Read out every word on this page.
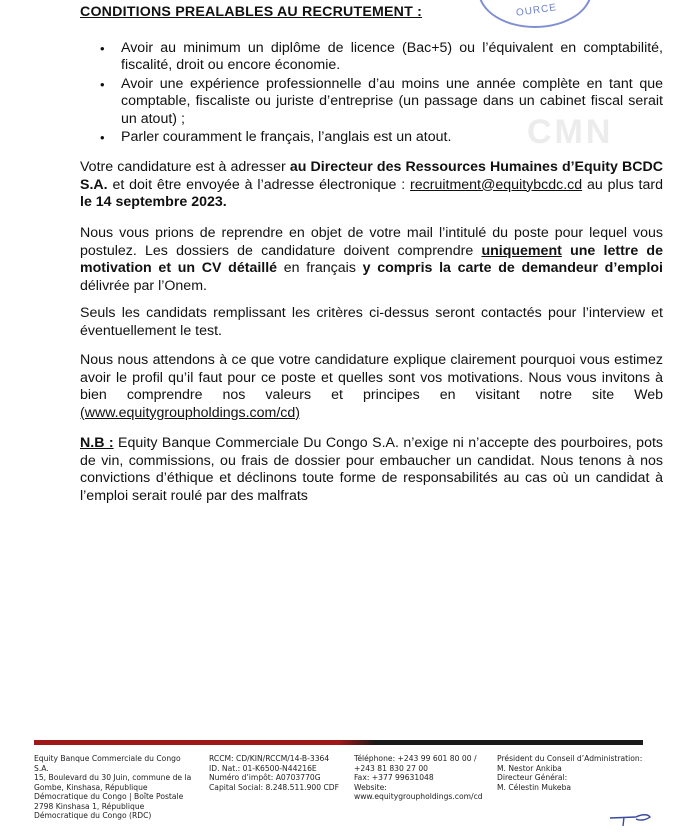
OURCE
CONDITIONS PREALABLES AU RECRUTEMENT :
• Avoir au minimum un diplôme de licence (Bac+5) ou l’équivalent en comptabilité, fiscalité, droit ou encore économie.
• Avoir une expérience professionnelle d’au moins une année complète en tant que comptable, fiscaliste ou juriste d’entreprise (un passage dans un cabinet fiscal serait un atout) ;
• Parler couramment le français, l’anglais est un atout.	CMN

Votre candidature est à adresser au Directeur des Ressources Humaines d’Equity BCDC S.A. et doit être envoyée à l’adresse électronique : recruitment@equitybcdc.cd au plus tard le 14 septembre 2023.

Nous vous prions de reprendre en objet de votre mail l’intitulé du poste pour lequel vous postulez. Les dossiers de candidature doivent comprendre uniquement une lettre de motivation et un CV détaillé en français y compris la carte de demandeur d’emploi délivrée par l’Onem.

Seuls les candidats remplissant les critères ci-dessus seront contactés pour l’interview et éventuellement le test.

Nous nous attendons à ce que votre candidature explique clairement pourquoi vous estimez avoir le profil qu’il faut pour ce poste et quelles sont vos motivations. Nous vous invitons à bien comprendre nos valeurs et principes en visitant notre site Web (www.equitygroupholdings.com/cd)

N.B : Equity Banque Commerciale Du Congo S.A. n’exige ni n’accepte des pourboires, pots de vin, commissions, ou frais de dossier pour embaucher un candidat. Nous tenons à nos convictions d’éthique et déclinons toute forme de responsabilités au cas où un candidat à l’emploi serait roulé par des malfrats

Equity Banque Commerciale du Congo S.A.
15, Boulevard du 30 Juin, commune de la
Gombe, Kinshasa, République
Démocratique du Congo | Boîte Postale
2798 Kinshasa 1, République
Démocratique du Congo (RDC)
RCCM: CD/KIN/RCCM/14-B-3364
ID. Nat.: 01-K6500-N44216E
Numéro d’impôt: A0703770G
Capital Social: 8.248.511.900 CDF
Téléphone: +243 99 601 80 00 /
+243 81 830 27 00
Fax: +377 99631048
Website:
www.equitygroupholdings.com/cd
Président du Conseil d’Administration:
M. Nestor Ankiba
Directeur Général:
M. Célestin Mukeba
